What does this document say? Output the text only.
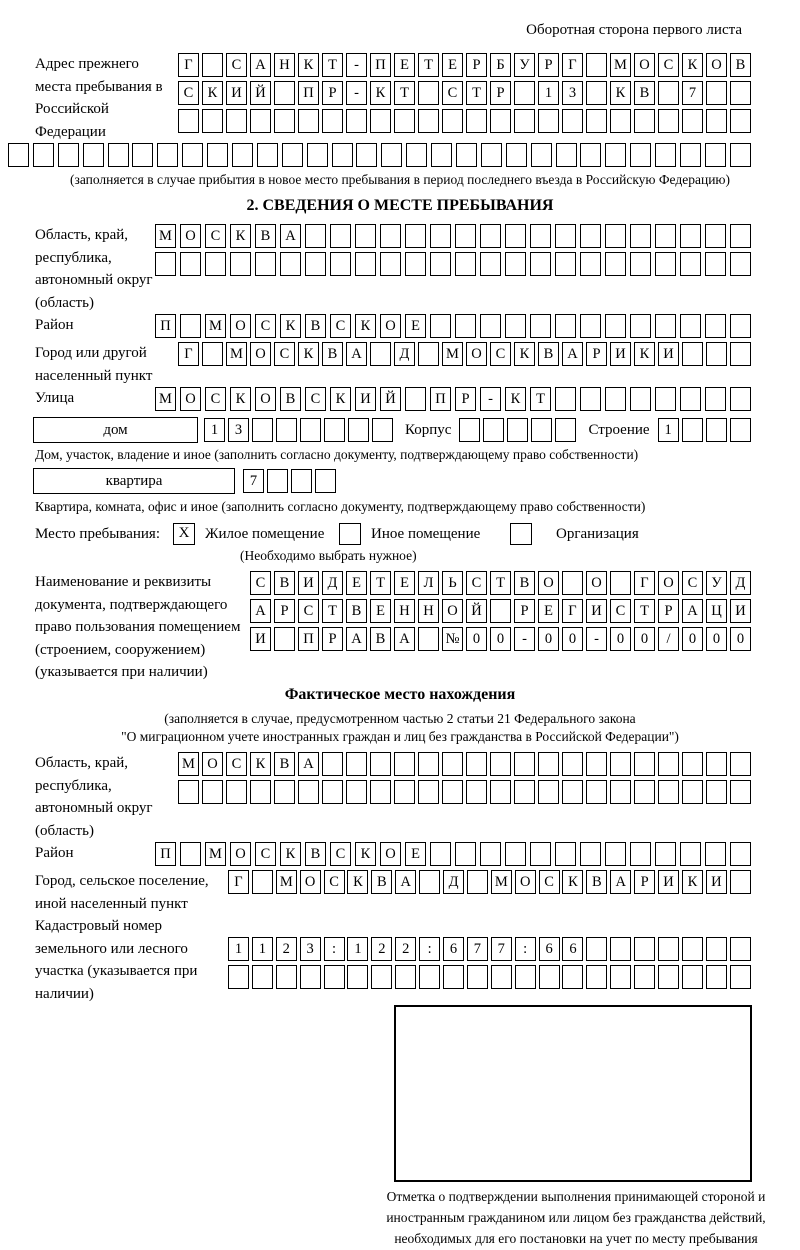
Оборотная сторона первого листа
Адрес прежнего места пребывания в Российской Федерации
Г	С А Н К	Т	-	П Е	Т	Е	Р	Б	У	Р	Г	М О С К О В
С К И Й	П	Р	-	К	Т	С	Т	Р	1	3	К В	7
(заполняется в случае прибытия в новое место пребывания в период последнего въезда в Российскую Федерацию)
2. СВЕДЕНИЯ О МЕСТЕ ПРЕБЫВАНИЯ
Область, край, республика, автономный округ (область)
М О	С	К	В	А
Район	П	М О	С	К	В	С	К	О	Е
Город или другой населенный пункт
Г	М О С К В А	Д	М О С К В А	Р	И К И
Улица	М О	С	К	О	В	С	К	И	Й	П	Р	-	К	Т
дом	1	3	Корпус	Строение	1
Дом, участок, владение и иное (заполнить согласно документу, подтверждающему право собственности)
квартира	7
Квартира, комната, офис и иное (заполнить согласно документу, подтверждающему право собственности)
Место пребывания:	X Жилое помещение	Иное помещение	Организация
(Необходимо выбрать нужное)
Наименование и реквизиты документа, подтверждающего право пользования помещением (строением, сооружением) (указывается при наличии)
С В И Д	Е	Т	Е	Л	Ь	С	Т	В О	О	Г	О С У Д
А	Р	С	Т	В	Е Н Н О Й	Р	Е	Г	И С	Т	Р	А Ц И
И	П	Р	А В А	№ 0	0	-	0	0	-	0	0	/	0	0	0
Фактическое место нахождения
(заполняется в случае, предусмотренном частью 2 статьи 21 Федерального закона
"О миграционном учете иностранных граждан и лиц без гражданства в Российской Федерации")
Область, край, республика, автономный округ (область)
М О С К В А
Район	П	М О	С	К	В	С	К	О	Е
Город, сельское поселение, иной населенный пункт
Г	М О С К В А	Д	М О С К В А	Р	И К И
Кадастровый номер земельного или лесного участка (указывается при наличии)
1	1	2	3	:	1	2	2	:	6	7	7	:	6	6
Отметка о подтверждении выполнения принимающей стороной и иностранным гражданином или лицом без гражданства действий, необходимых для его постановки на учет по месту пребывания
